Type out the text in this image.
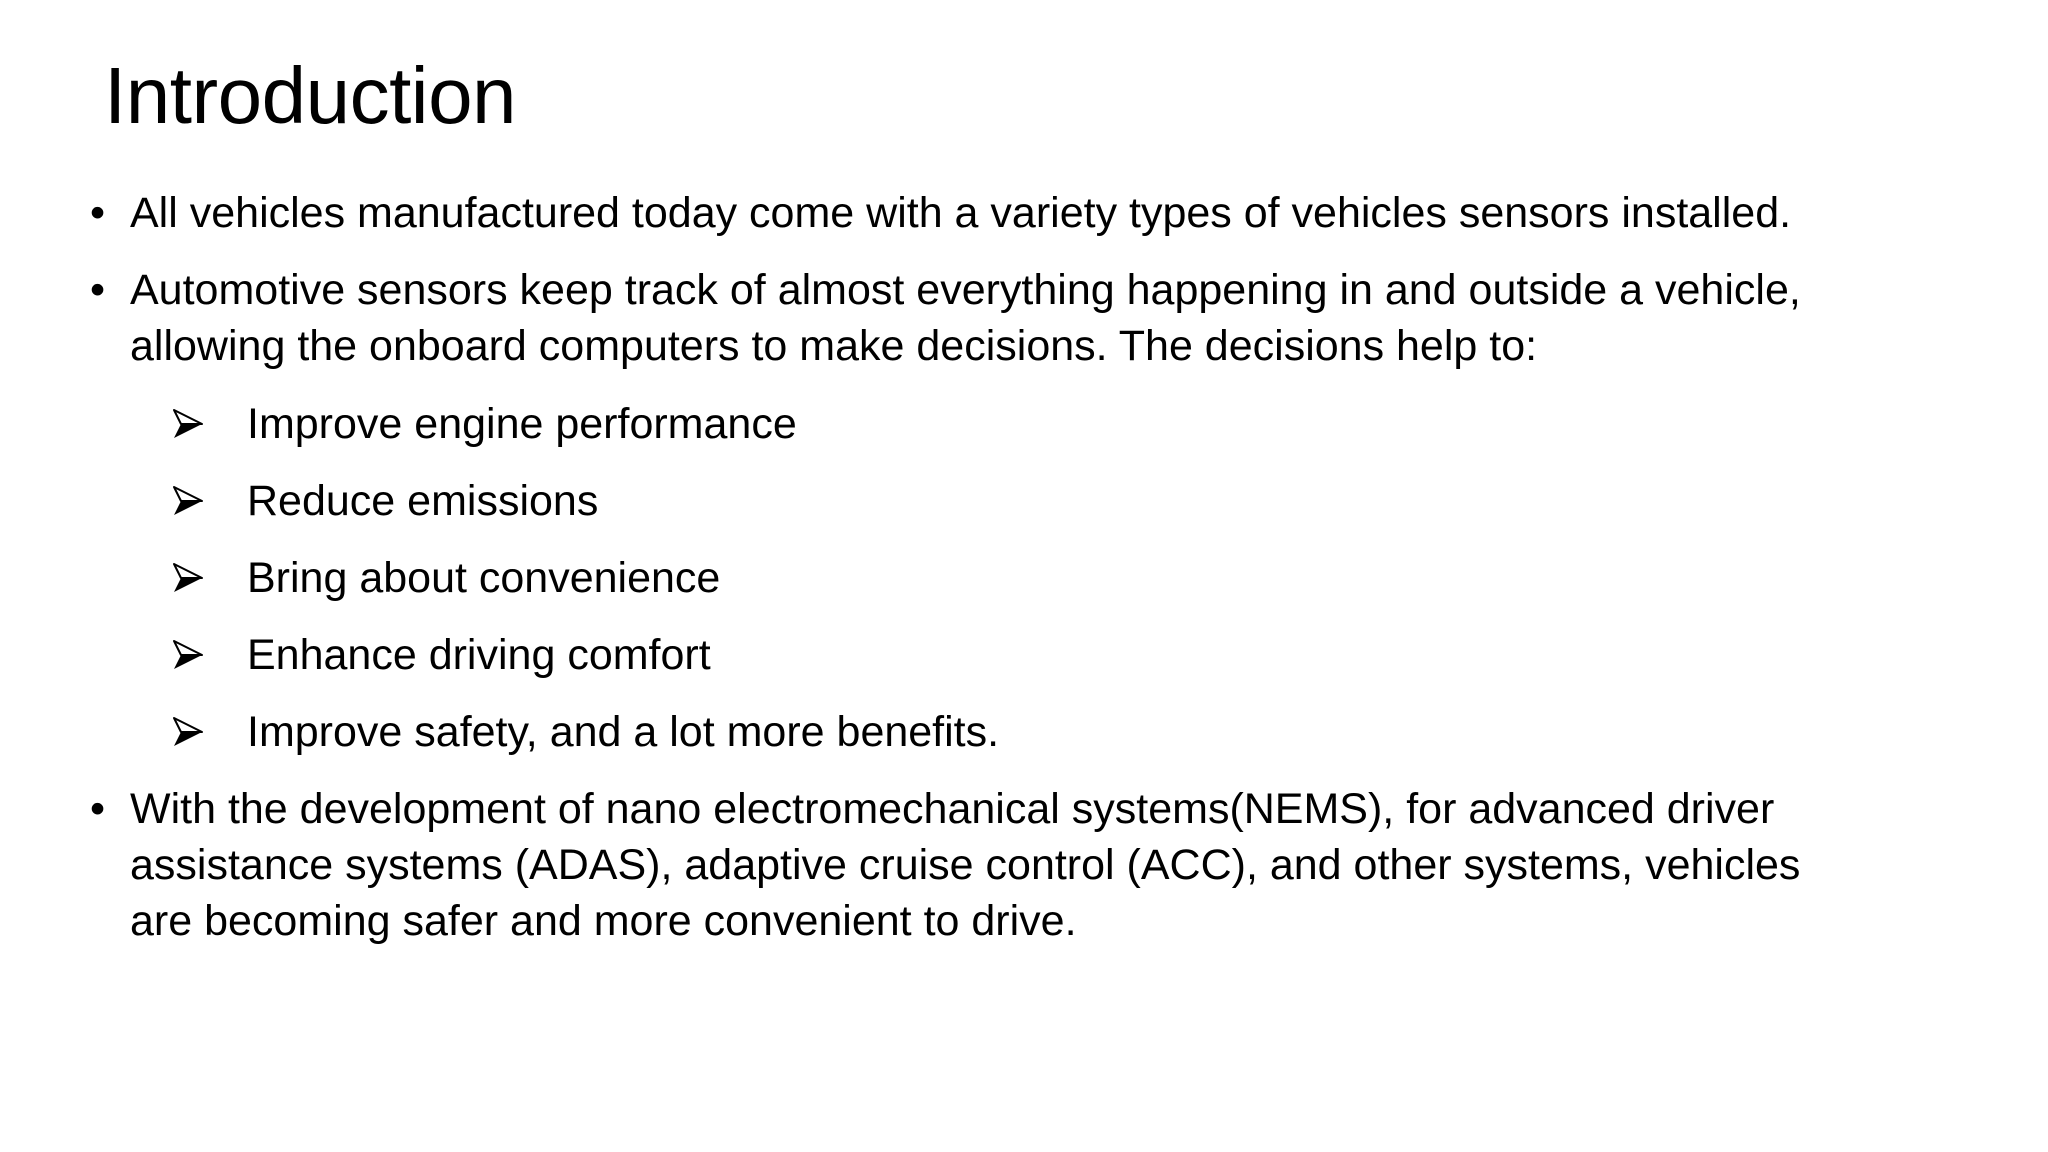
Introduction
• All vehicles manufactured today come with a variety types of vehicles sensors installed.
• Automotive sensors keep track of almost everything happening in and outside a vehicle,
allowing the onboard computers to make decisions. The decisions help to:
Improve engine performance
Reduce emissions
Bring about convenience
Enhance driving comfort
Improve safety, and a lot more benefits.
• With the development of nano electromechanical systems(NEMS), for advanced driver
assistance systems (ADAS), adaptive cruise control (ACC), and other systems, vehicles
are becoming safer and more convenient to drive.
